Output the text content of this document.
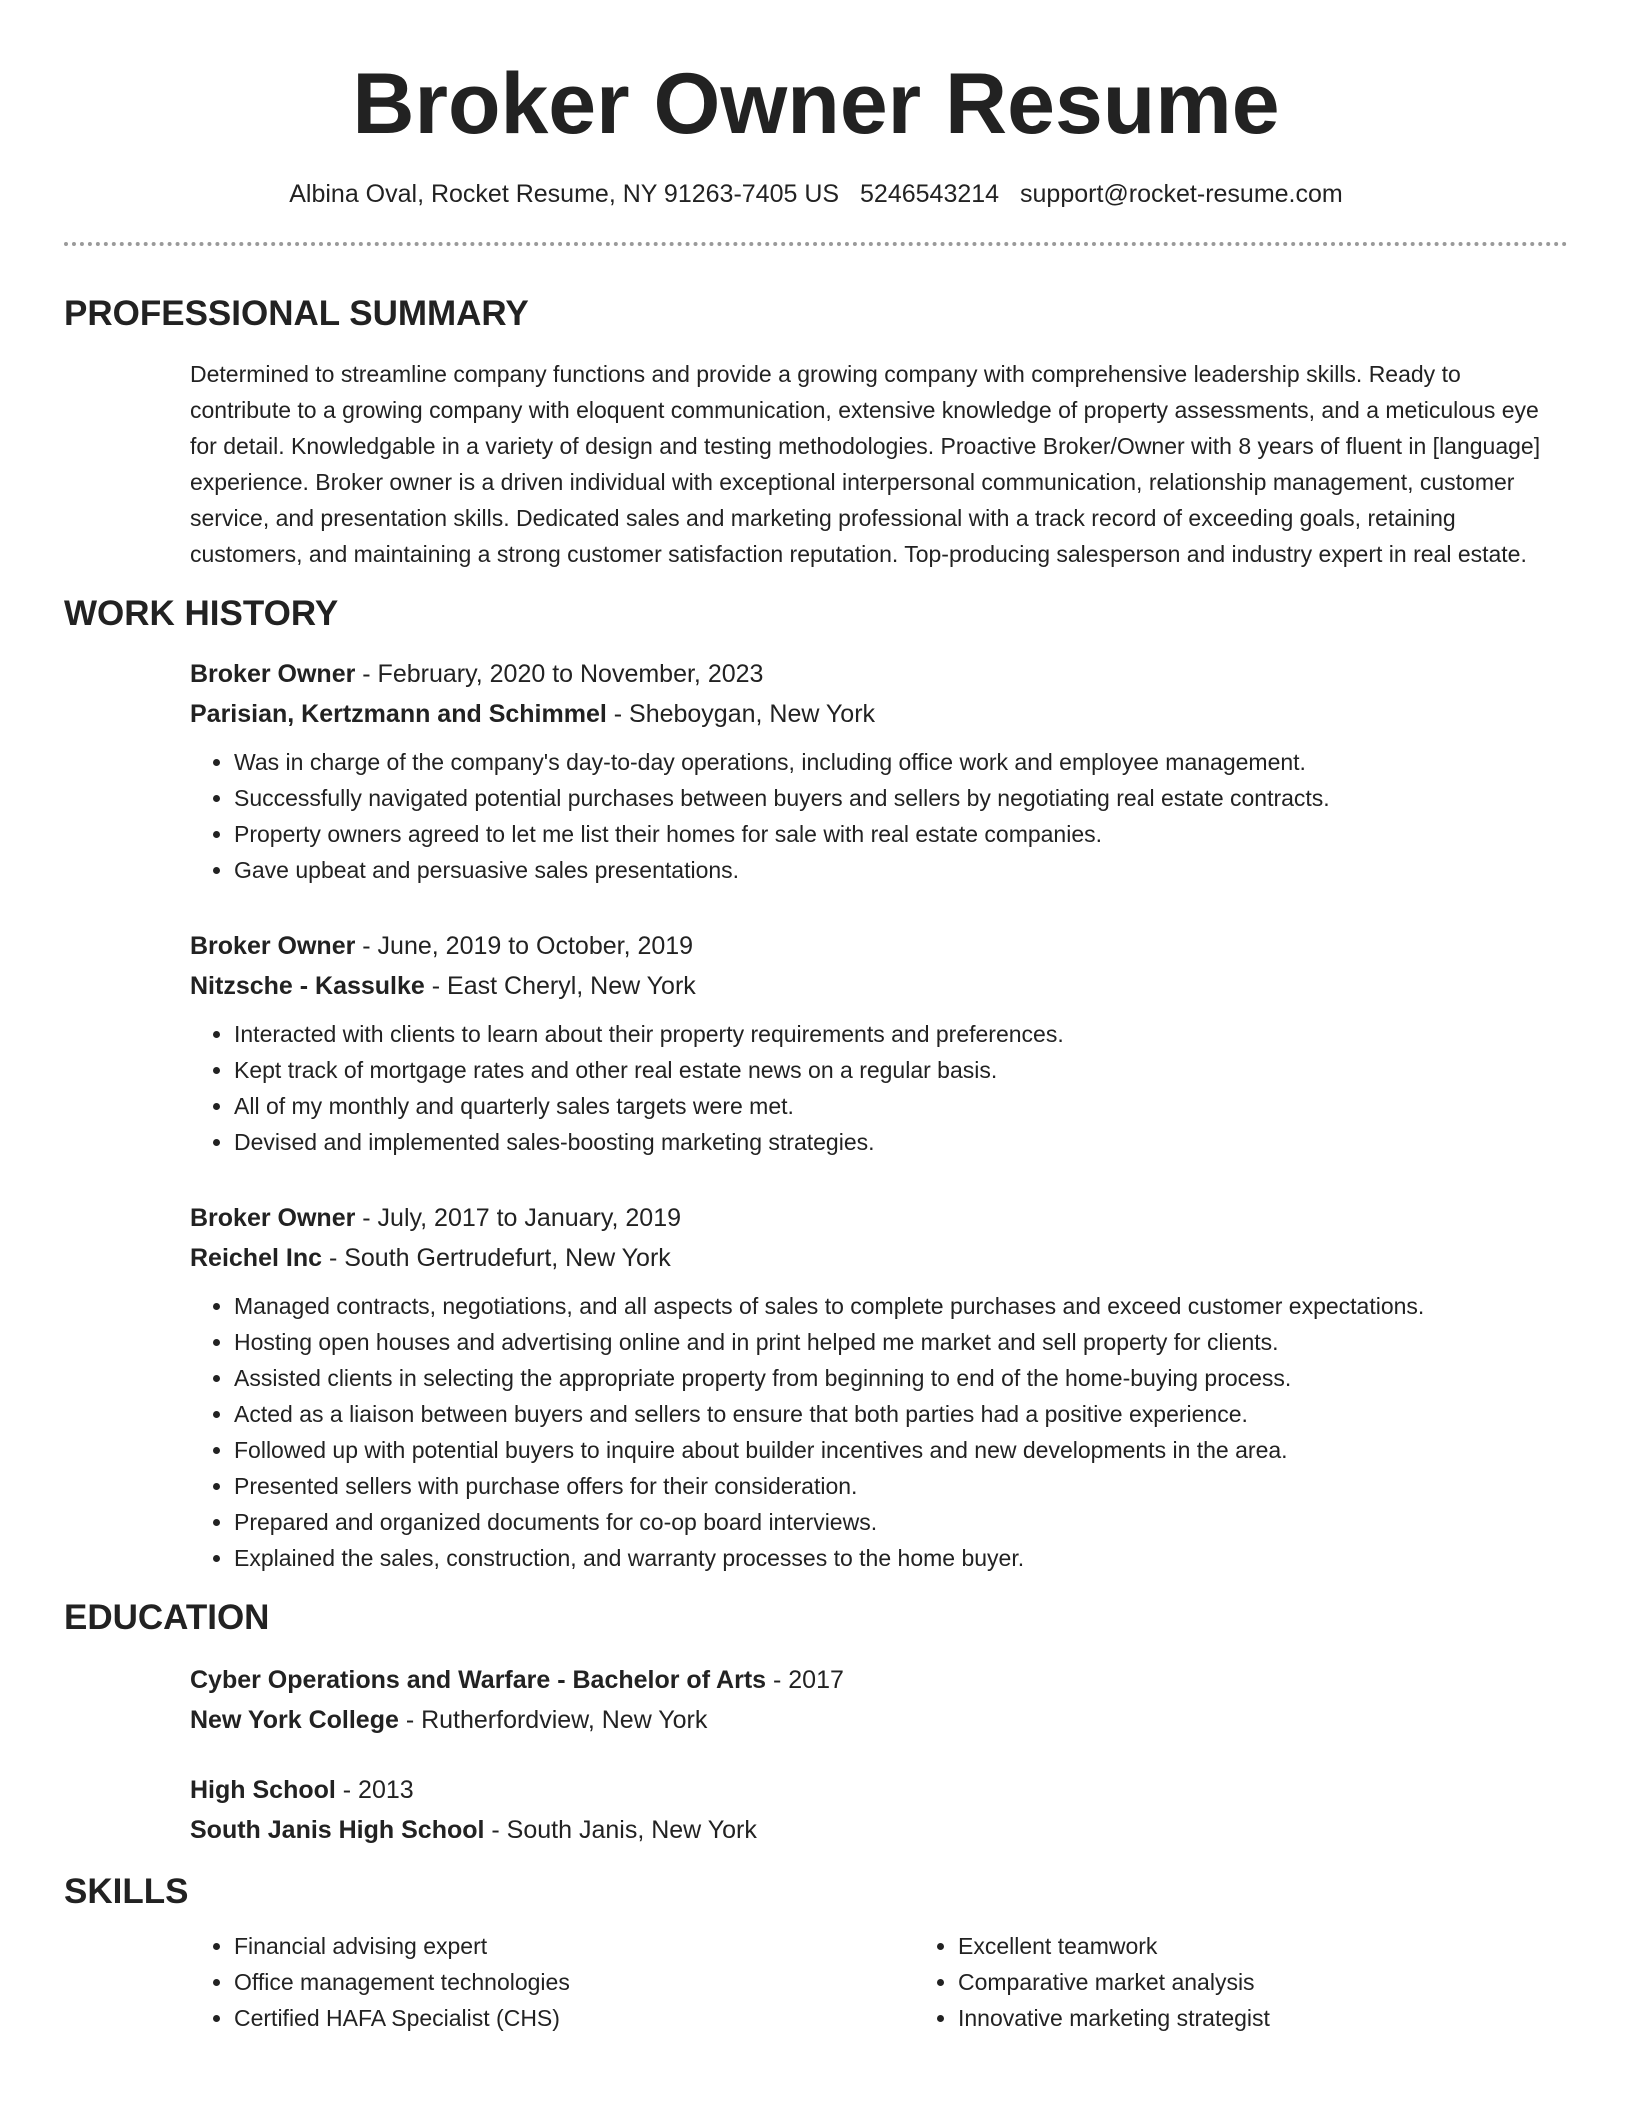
Broker Owner Resume
Albina Oval, Rocket Resume, NY 91263-7405 US 5246543214 support@rocket-resume.com
PROFESSIONAL SUMMARY
Determined to streamline company functions and provide a growing company with comprehensive leadership skills. Ready to contribute to a growing company with eloquent communication, extensive knowledge of property assessments, and a meticulous eye for detail. Knowledgable in a variety of design and testing methodologies. Proactive Broker/Owner with 8 years of fluent in [language] experience. Broker owner is a driven individual with exceptional interpersonal communication, relationship management, customer service, and presentation skills. Dedicated sales and marketing professional with a track record of exceeding goals, retaining customers, and maintaining a strong customer satisfaction reputation. Top-producing salesperson and industry expert in real estate.
WORK HISTORY
Broker Owner - February, 2020 to November, 2023
Parisian, Kertzmann and Schimmel - Sheboygan, New York
• Was in charge of the company's day-to-day operations, including office work and employee management.
• Successfully navigated potential purchases between buyers and sellers by negotiating real estate contracts.
• Property owners agreed to let me list their homes for sale with real estate companies.
• Gave upbeat and persuasive sales presentations.
Broker Owner - June, 2019 to October, 2019
Nitzsche - Kassulke - East Cheryl, New York
• Interacted with clients to learn about their property requirements and preferences.
• Kept track of mortgage rates and other real estate news on a regular basis.
• All of my monthly and quarterly sales targets were met.
• Devised and implemented sales-boosting marketing strategies.
Broker Owner - July, 2017 to January, 2019
Reichel Inc - South Gertrudefurt, New York
• Managed contracts, negotiations, and all aspects of sales to complete purchases and exceed customer expectations.
• Hosting open houses and advertising online and in print helped me market and sell property for clients.
• Assisted clients in selecting the appropriate property from beginning to end of the home-buying process.
• Acted as a liaison between buyers and sellers to ensure that both parties had a positive experience.
• Followed up with potential buyers to inquire about builder incentives and new developments in the area.
• Presented sellers with purchase offers for their consideration.
• Prepared and organized documents for co-op board interviews.
• Explained the sales, construction, and warranty processes to the home buyer.
EDUCATION
Cyber Operations and Warfare - Bachelor of Arts - 2017
New York College - Rutherfordview, New York
High School - 2013
South Janis High School - South Janis, New York
SKILLS
• Financial advising expert
• Office management technologies
• Certified HAFA Specialist (CHS)
• Excellent teamwork
• Comparative market analysis
• Innovative marketing strategist
